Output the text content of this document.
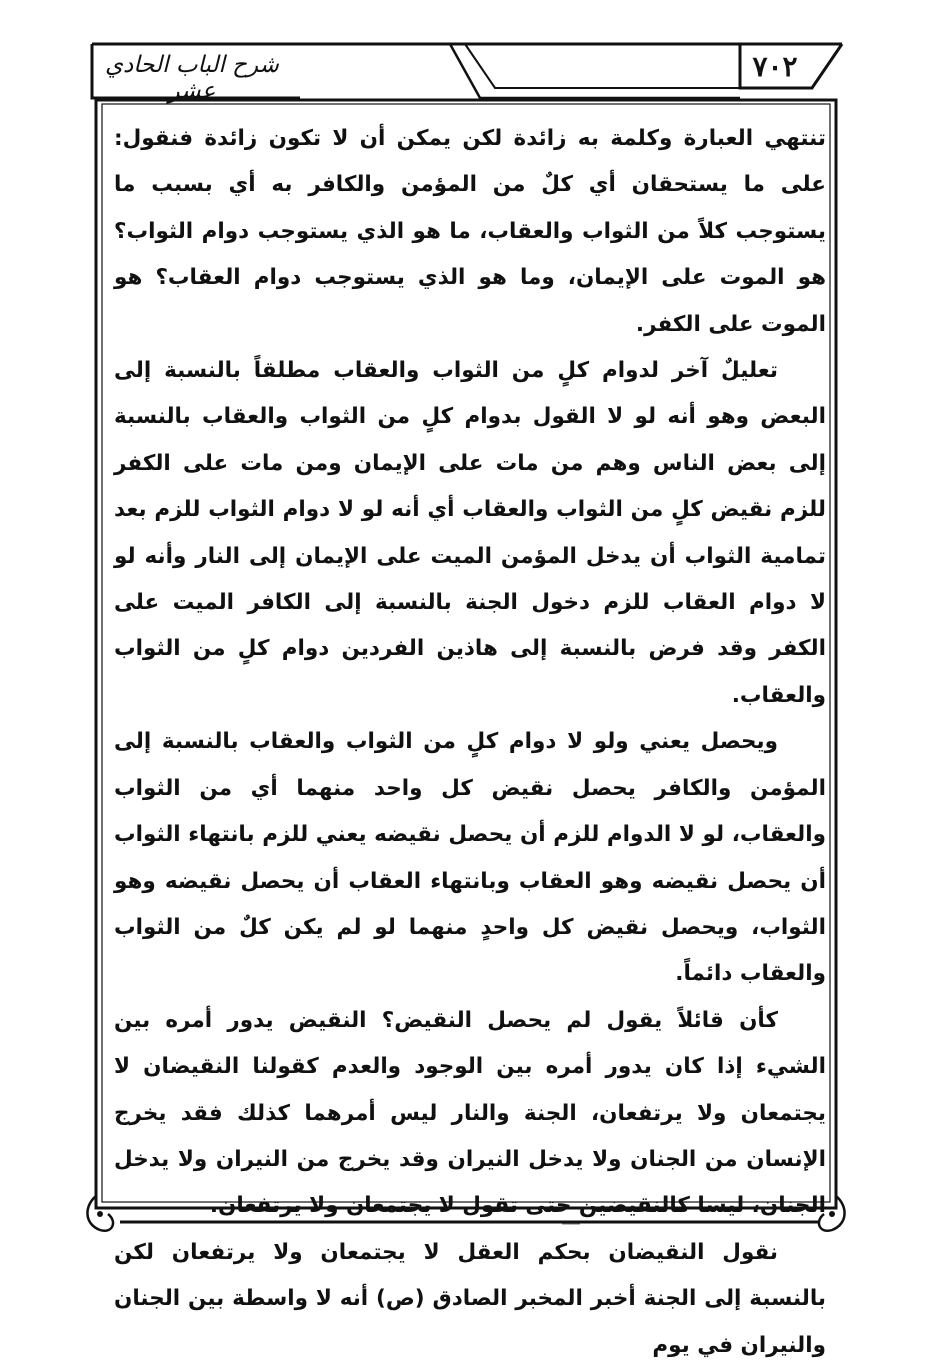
٧٠٢
شرح الباب الحادي عشر

تنتهي العبارة وكلمة به زائدة لكن يمكن أن لا تكون زائدة فنقول: على ما يستحقان أي كلٌ من المؤمن والكافر به أي بسبب ما يستوجب كلاً من الثواب والعقاب، ما هو الذي يستوجب دوام الثواب؟ هو الموت على الإيمان، وما هو الذي يستوجب دوام العقاب؟ هو الموت على الكفر.

تعليلٌ آخر لدوام كلٍ من الثواب والعقاب مطلقاً بالنسبة إلى البعض وهو أنه لو لا القول بدوام كلٍ من الثواب والعقاب بالنسبة إلى بعض الناس وهم من مات على الإيمان ومن مات على الكفر للزم نقيض كلٍ من الثواب والعقاب أي أنه لو لا دوام الثواب للزم بعد تمامية الثواب أن يدخل المؤمن الميت على الإيمان إلى النار وأنه لو لا دوام العقاب للزم دخول الجنة بالنسبة إلى الكافر الميت على الكفر وقد فرض بالنسبة إلى هاذين الفردين دوام كلٍ من الثواب والعقاب.

ويحصل يعني ولو لا دوام كلٍ من الثواب والعقاب بالنسبة إلى المؤمن والكافر يحصل نقيض كل واحد منهما أي من الثواب والعقاب، لو لا الدوام للزم أن يحصل نقيضه يعني للزم بانتهاء الثواب أن يحصل نقيضه وهو العقاب وبانتهاء العقاب أن يحصل نقيضه وهو الثواب، ويحصل نقيض كل واحدٍ منهما لو لم يكن كلٌ من الثواب والعقاب دائماً.

كأن قائلاً يقول لم يحصل النقيض؟ النقيض يدور أمره بين الشيء إذا كان يدور أمره بين الوجود والعدم كقولنا النقيضان لا يجتمعان ولا يرتفعان، الجنة والنار ليس أمرهما كذلك فقد يخرج الإنسان من الجنان ولا يدخل النيران وقد يخرج من النيران ولا يدخل الجنان، ليسا كالنقيضين حتى تقول لا يجتمعان ولا يرتفعان.

نقول النقيضان بحكم العقل لا يجتمعان ولا يرتفعان لكن بالنسبة إلى الجنة أخبر المخبر الصادق (ص) أنه لا واسطة بين الجنان والنيران في يوم
